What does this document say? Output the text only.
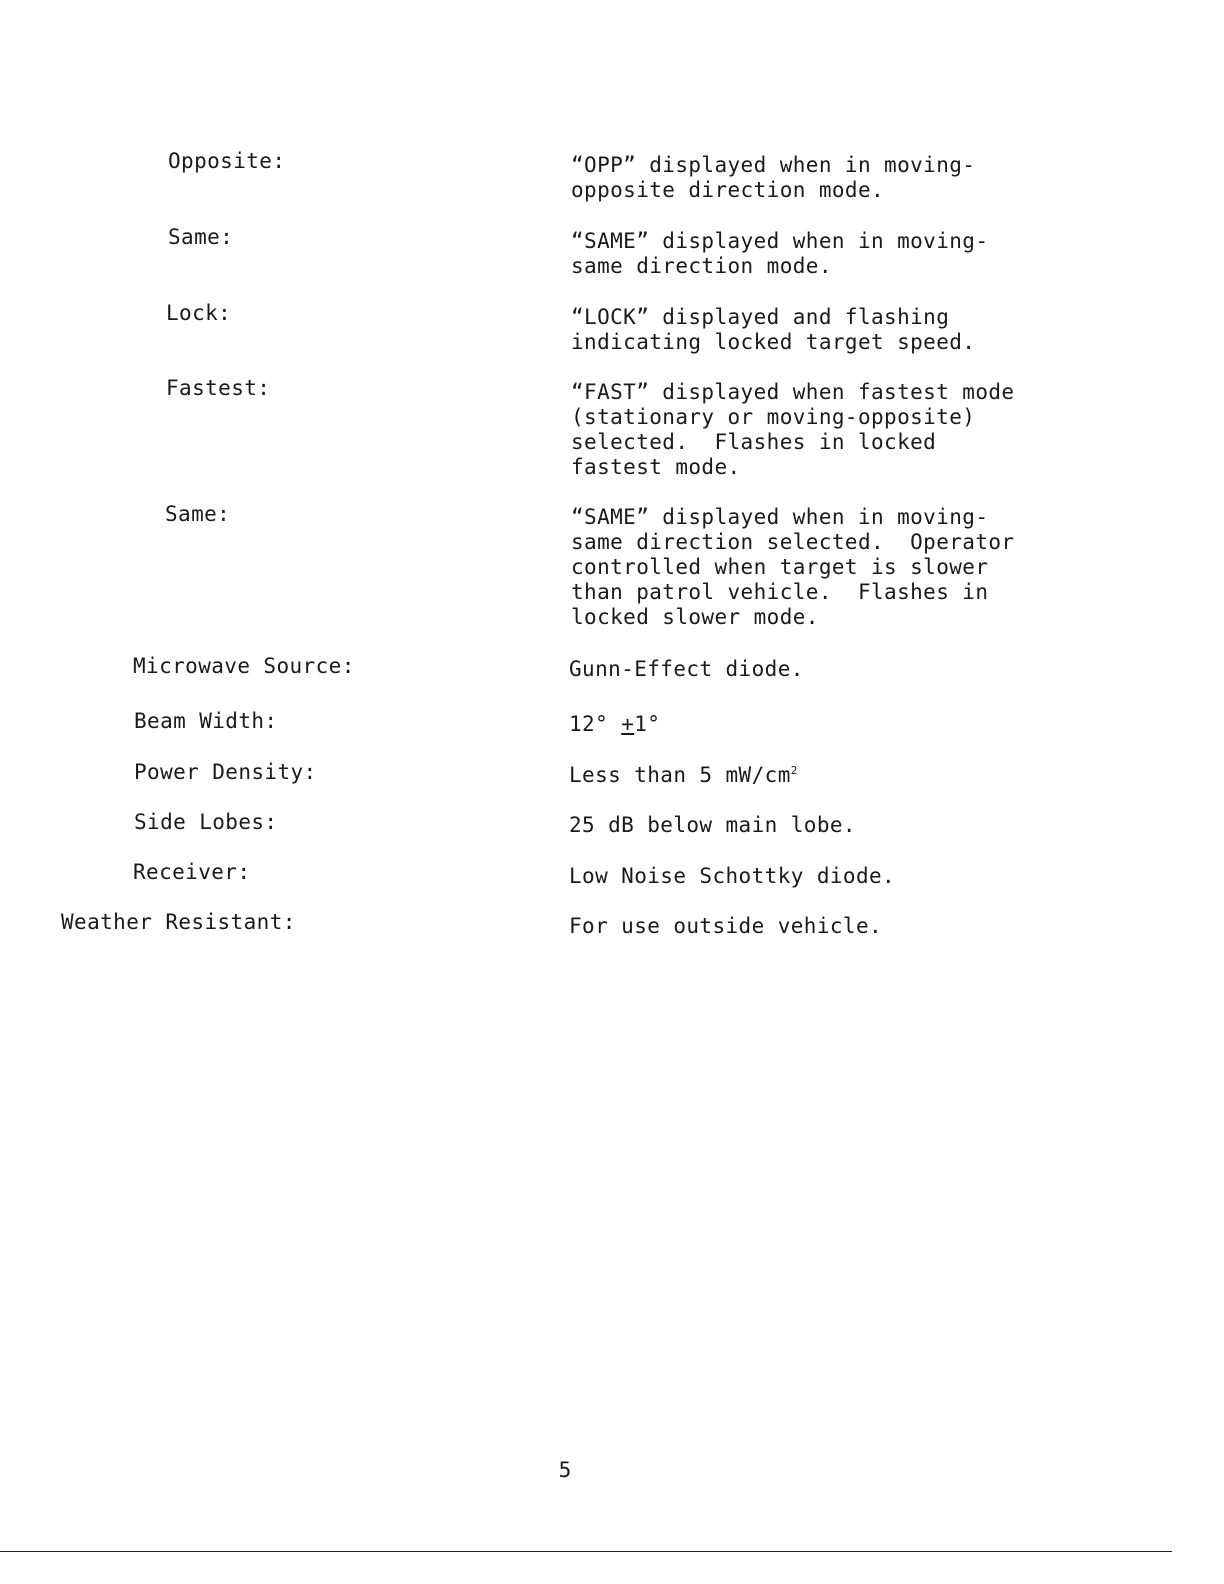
Opposite:	“OPP” displayed when in moving-
opposite direction mode.
Same:	“SAME” displayed when in moving-
same direction mode.
Lock:	“LOCK” displayed and flashing
indicating locked target speed.
Fastest:	“FAST” displayed when fastest mode
(stationary or moving-opposite)
selected.  Flashes in locked
fastest mode.
Same:	“SAME” displayed when in moving-
same direction selected.  Operator
controlled when target is slower
than patrol vehicle.  Flashes in
locked slower mode.
Microwave Source:	Gunn-Effect diode.
Beam Width:	12° +1°
Power Density:	Less than 5 $mW/cm^2$
Side Lobes:	25 dB below main lobe.
Receiver:	Low Noise Schottky diode.
Weather Resistant:	For use outside vehicle.
5
